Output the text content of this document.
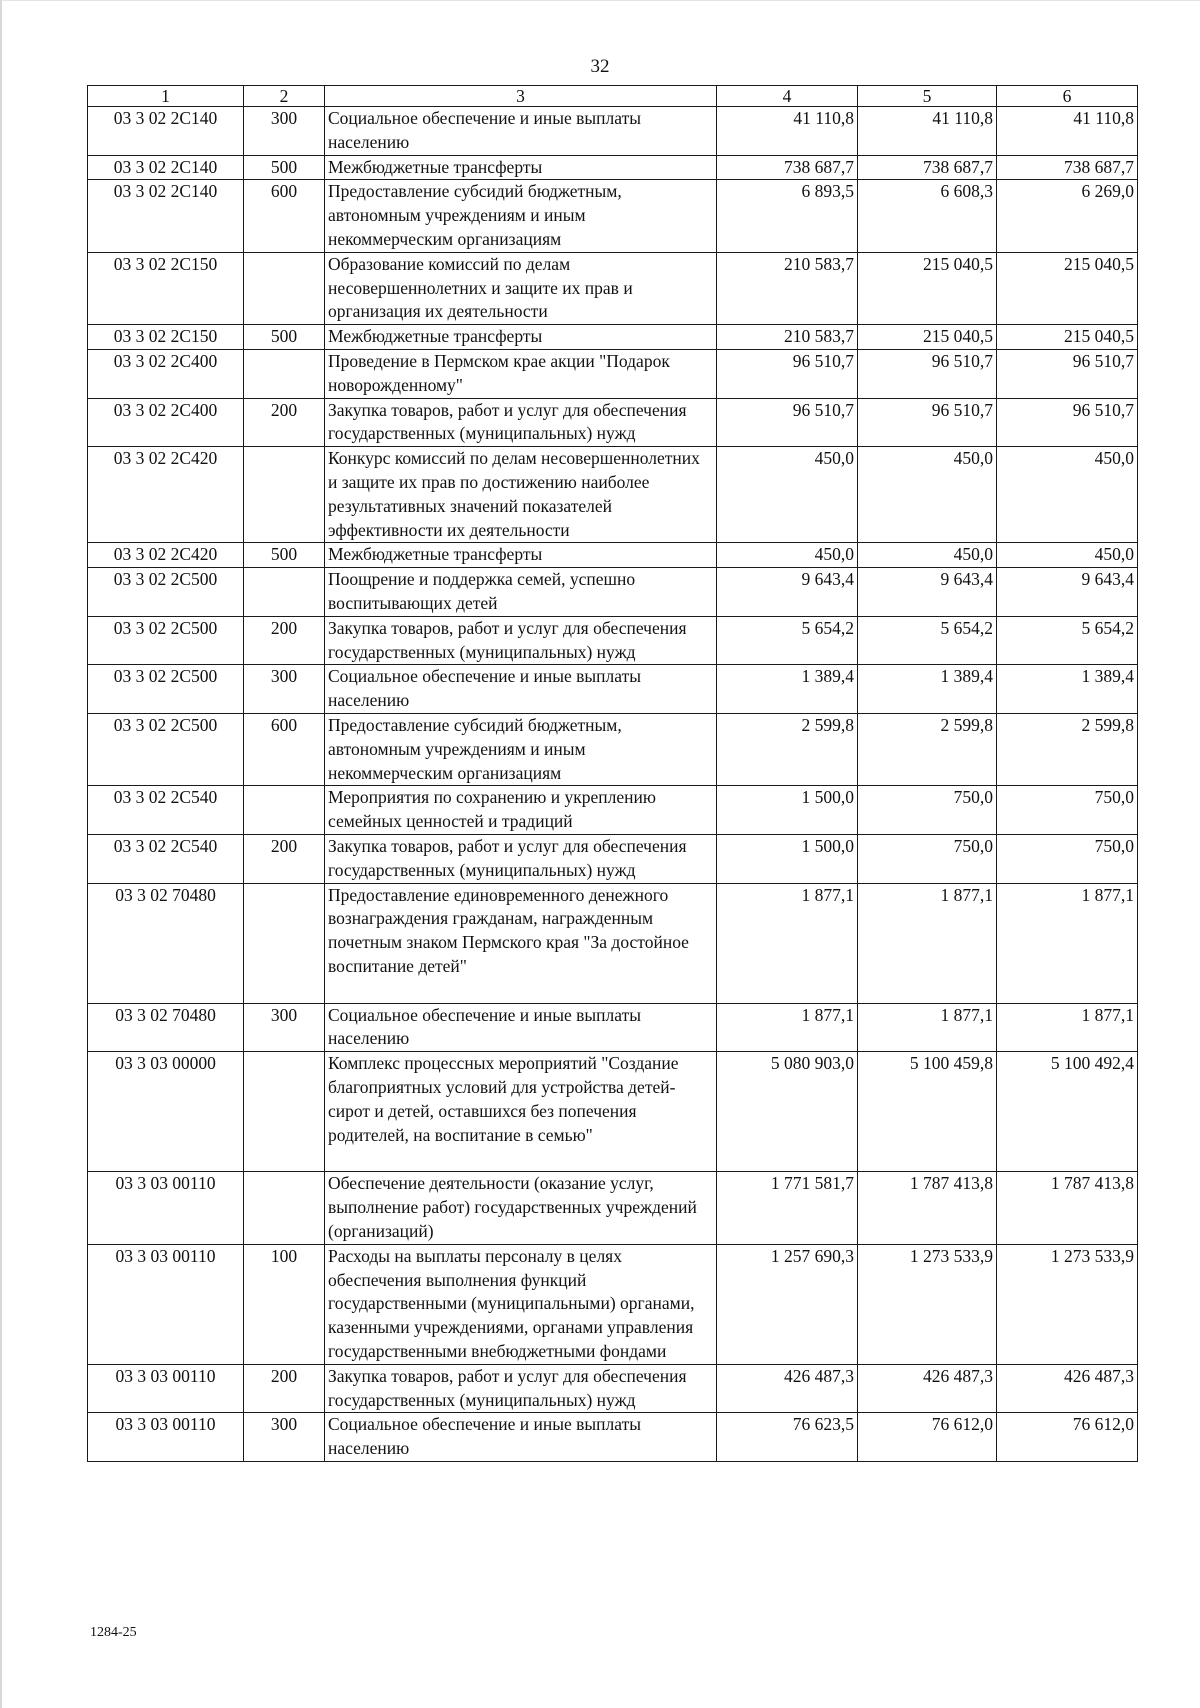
32
1	2	3	4	5	6
03 3 02 2С140	300	Социальное обеспечение и иные выплаты населению	41 110,8	41 110,8	41 110,8
03 3 02 2С140	500	Межбюджетные трансферты	738 687,7	738 687,7	738 687,7
03 3 02 2С140	600	Предоставление субсидий бюджетным, автономным учреждениям и иным некоммерческим организациям	6 893,5	6 608,3	6 269,0
03 3 02 2С150		Образование комиссий по делам несовершеннолетних и защите их прав и организация их деятельности	210 583,7	215 040,5	215 040,5
03 3 02 2С150	500	Межбюджетные трансферты	210 583,7	215 040,5	215 040,5
03 3 02 2С400		Проведение в Пермском крае акции "Подарок новорожденному"	96 510,7	96 510,7	96 510,7
03 3 02 2С400	200	Закупка товаров, работ и услуг для обеспечения государственных (муниципальных) нужд	96 510,7	96 510,7	96 510,7
03 3 02 2С420		Конкурс комиссий по делам несовершеннолетних и защите их прав по достижению наиболее результативных значений показателей эффективности их деятельности	450,0	450,0	450,0
03 3 02 2С420	500	Межбюджетные трансферты	450,0	450,0	450,0
03 3 02 2С500		Поощрение и поддержка семей, успешно воспитывающих детей	9 643,4	9 643,4	9 643,4
03 3 02 2С500	200	Закупка товаров, работ и услуг для обеспечения государственных (муниципальных) нужд	5 654,2	5 654,2	5 654,2
03 3 02 2С500	300	Социальное обеспечение и иные выплаты населению	1 389,4	1 389,4	1 389,4
03 3 02 2С500	600	Предоставление субсидий бюджетным, автономным учреждениям и иным некоммерческим организациям	2 599,8	2 599,8	2 599,8
03 3 02 2С540		Мероприятия по сохранению и укреплению семейных ценностей и традиций	1 500,0	750,0	750,0
03 3 02 2С540	200	Закупка товаров, работ и услуг для обеспечения государственных (муниципальных) нужд	1 500,0	750,0	750,0
03 3 02 70480		Предоставление единовременного денежного вознаграждения гражданам, награжденным почетным знаком Пермского края "За достойное воспитание детей"	1 877,1	1 877,1	1 877,1
03 3 02 70480	300	Социальное обеспечение и иные выплаты населению	1 877,1	1 877,1	1 877,1
03 3 03 00000		Комплекс процессных мероприятий "Создание благоприятных условий для устройства детей-сирот и детей, оставшихся без попечения родителей, на воспитание в семью"	5 080 903,0	5 100 459,8	5 100 492,4
03 3 03 00110		Обеспечение деятельности (оказание услуг, выполнение работ) государственных учреждений (организаций)	1 771 581,7	1 787 413,8	1 787 413,8
03 3 03 00110	100	Расходы на выплаты персоналу в целях обеспечения выполнения функций государственными (муниципальными) органами, казенными учреждениями, органами управления государственными внебюджетными фондами	1 257 690,3	1 273 533,9	1 273 533,9
03 3 03 00110	200	Закупка товаров, работ и услуг для обеспечения государственных (муниципальных) нужд	426 487,3	426 487,3	426 487,3
03 3 03 00110	300	Социальное обеспечение и иные выплаты населению	76 623,5	76 612,0	76 612,0
1284-25
